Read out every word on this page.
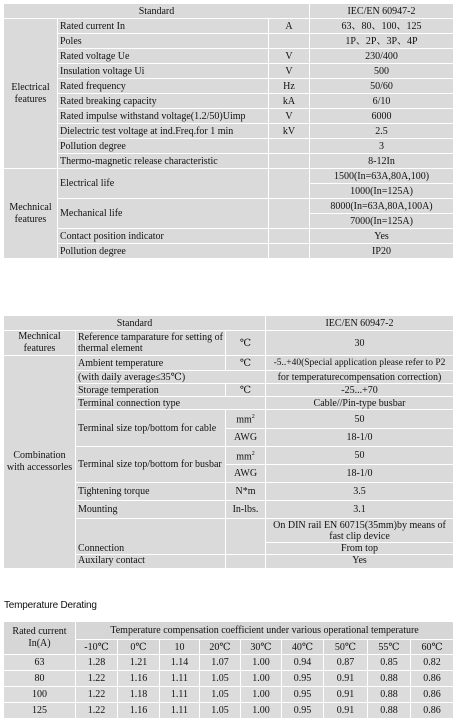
Standard			IEC/EN 60947-2
Electrical features	Rated current In	A	63、80、100、125
	Poles		1P、2P、3P、4P
	Rated voltage Ue	V	230/400
	Insulation voltage Ui	V	500
	Rated frequency	Hz	50/60
	Rated breaking capacity	kA	6/10
	Rated impulse withstand voltage(1.2/50)Uimp	V	6000
	Dielectric test voltage at ind.Freq.for 1 min	kV	2.5
	Pollution degree		3
	Thermo-magnetic release characteristic		8-12In
Mechnical features	Electrical life		1500(In=63A,80A,100)
			1000(In=125A)
	Mechanical life		8000(In=63A,80A,100A)
			7000(In=125A)
	Contact position indicator		Yes
	Pollution degree		IP20
Standard			IEC/EN 60947-2
Mechnical features	Reference tamparature for setting of thermal element	℃	30
Combination with accessorles	Ambient temperature	℃	-5..+40(Special application please refer to P2
	(with daily average≤35℃)		for temperaturecompensation correction)
	Storage temperation	℃	-25...+70
	Terminal connection type		Cable//Pin-type busbar
	Terminal size top/bottom for cable	$mm^2$	50
		AWG	18-1/0
	Terminal size top/bottom for busbar	$mm^2$	50
		AWG	18-1/0
	Tightening torque	N*m	3.5
	Mounting	In-lbs.	3.1
	Connection		On DIN rail EN 60715(35mm)by means of fast clip device
			From top
	Auxilary contact		Yes
Temperature Derating
Rated current In(A)	Temperature compensation coefficient under various operational temperature								
	-10℃	0℃	10	20℃	30℃	40℃	50℃	55℃	60℃
63	1.28	1.21	1.14	1.07	1.00	0.94	0.87	0.85	0.82
80	1.22	1.16	1.11	1.05	1.00	0.95	0.91	0.88	0.86
100	1.22	1.18	1.11	1.05	1.00	0.95	0.91	0.88	0.86
125	1.22	1.16	1.11	1.05	1.00	0.95	0.91	0.88	0.86
